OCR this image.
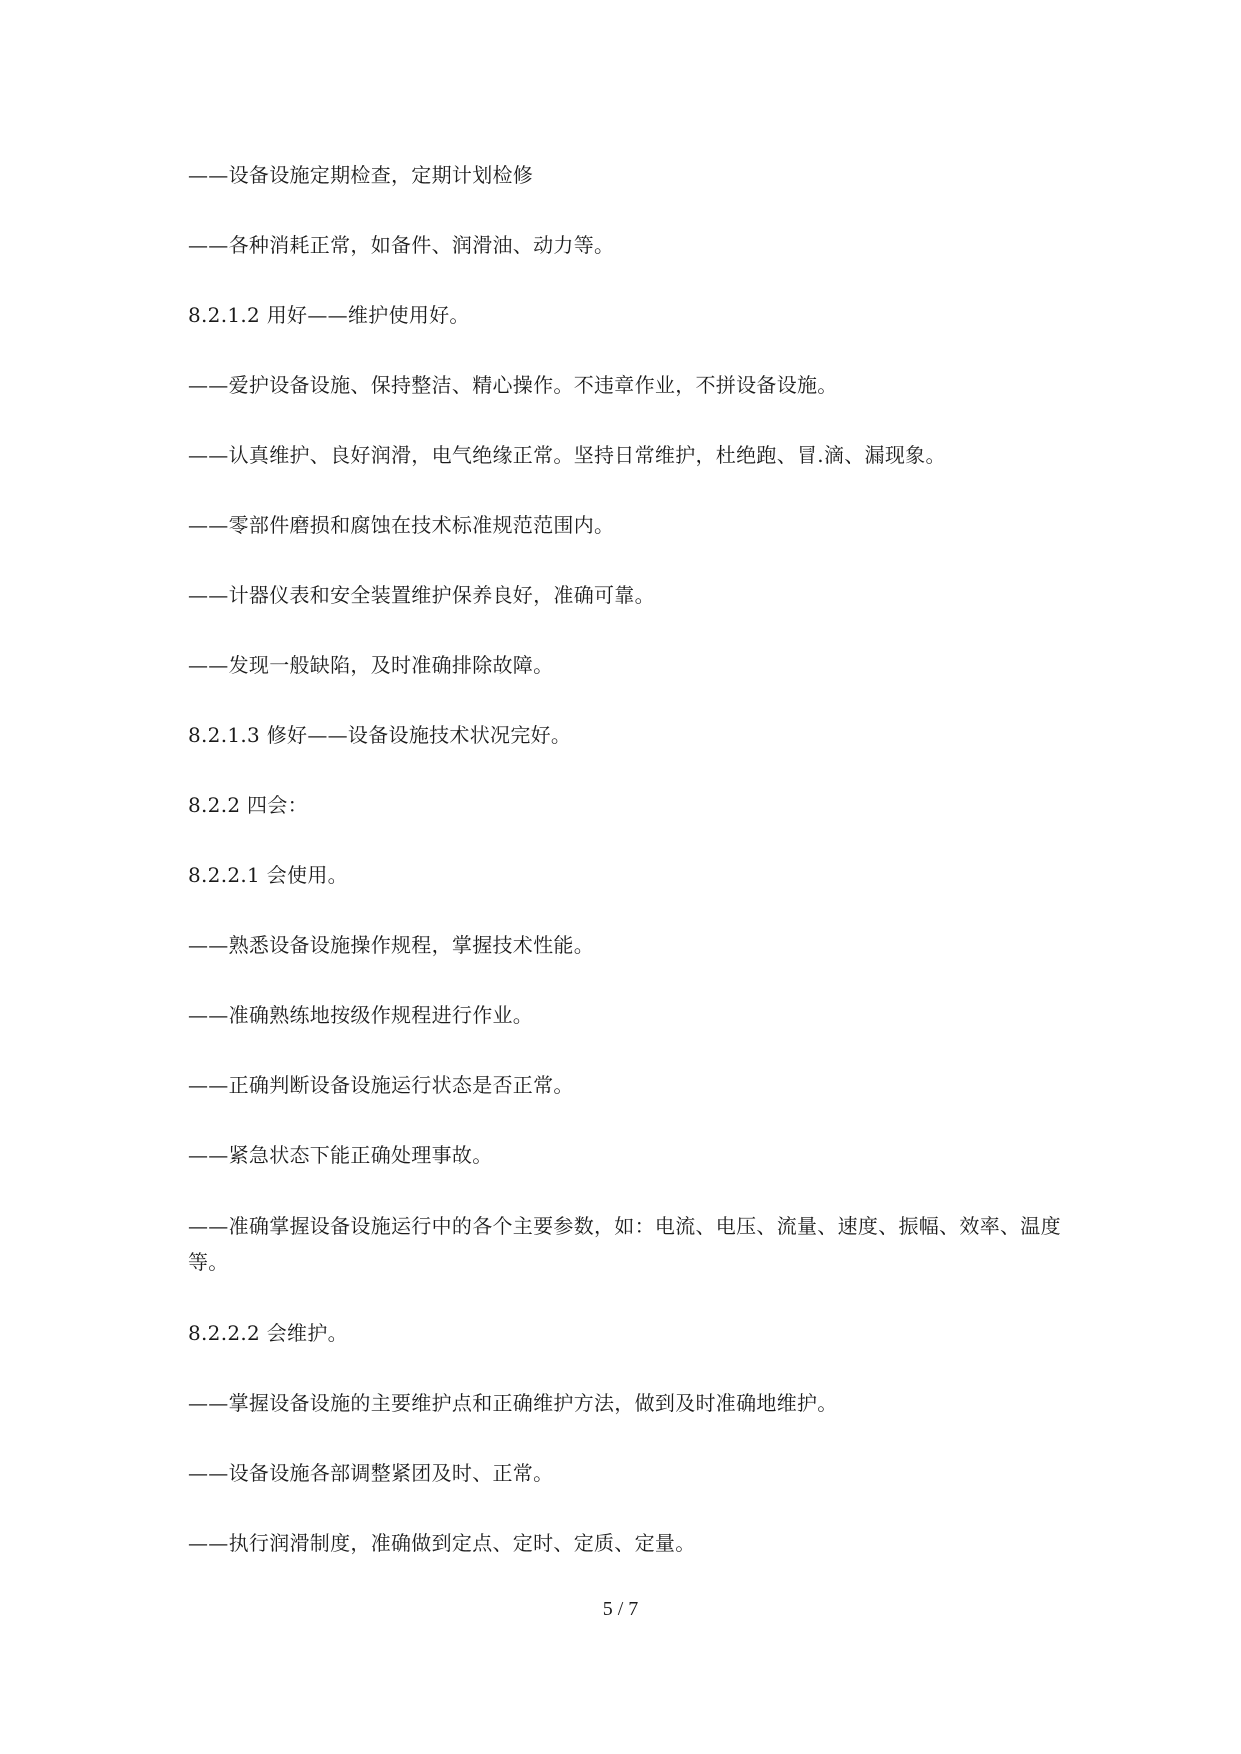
——设备设施定期检查，定期计划检修

——各种消耗正常，如备件、润滑油、动力等。

8.2.1.2 用好——维护使用好。

——爱护设备设施、保持整洁、精心操作。不违章作业，不拼设备设施。

——认真维护、良好润滑，电气绝缘正常。坚持日常维护，杜绝跑、冒.滴、漏现象。

——零部件磨损和腐蚀在技术标准规范范围内。

——计器仪表和安全装置维护保养良好，准确可靠。

——发现一般缺陷，及时准确排除故障。

8.2.1.3 修好——设备设施技术状况完好。

8.2.2 四会：

8.2.2.1 会使用。

——熟悉设备设施操作规程，掌握技术性能。

——准确熟练地按级作规程进行作业。

——正确判断设备设施运行状态是否正常。

——紧急状态下能正确处理事故。

——准确掌握设备设施运行中的各个主要参数，如：电流、电压、流量、速度、振幅、效率、温度等。

8.2.2.2 会维护。

——掌握设备设施的主要维护点和正确维护方法，做到及时准确地维护。

——设备设施各部调整紧团及时、正常。

——执行润滑制度，准确做到定点、定时、定质、定量。

5 / 7
